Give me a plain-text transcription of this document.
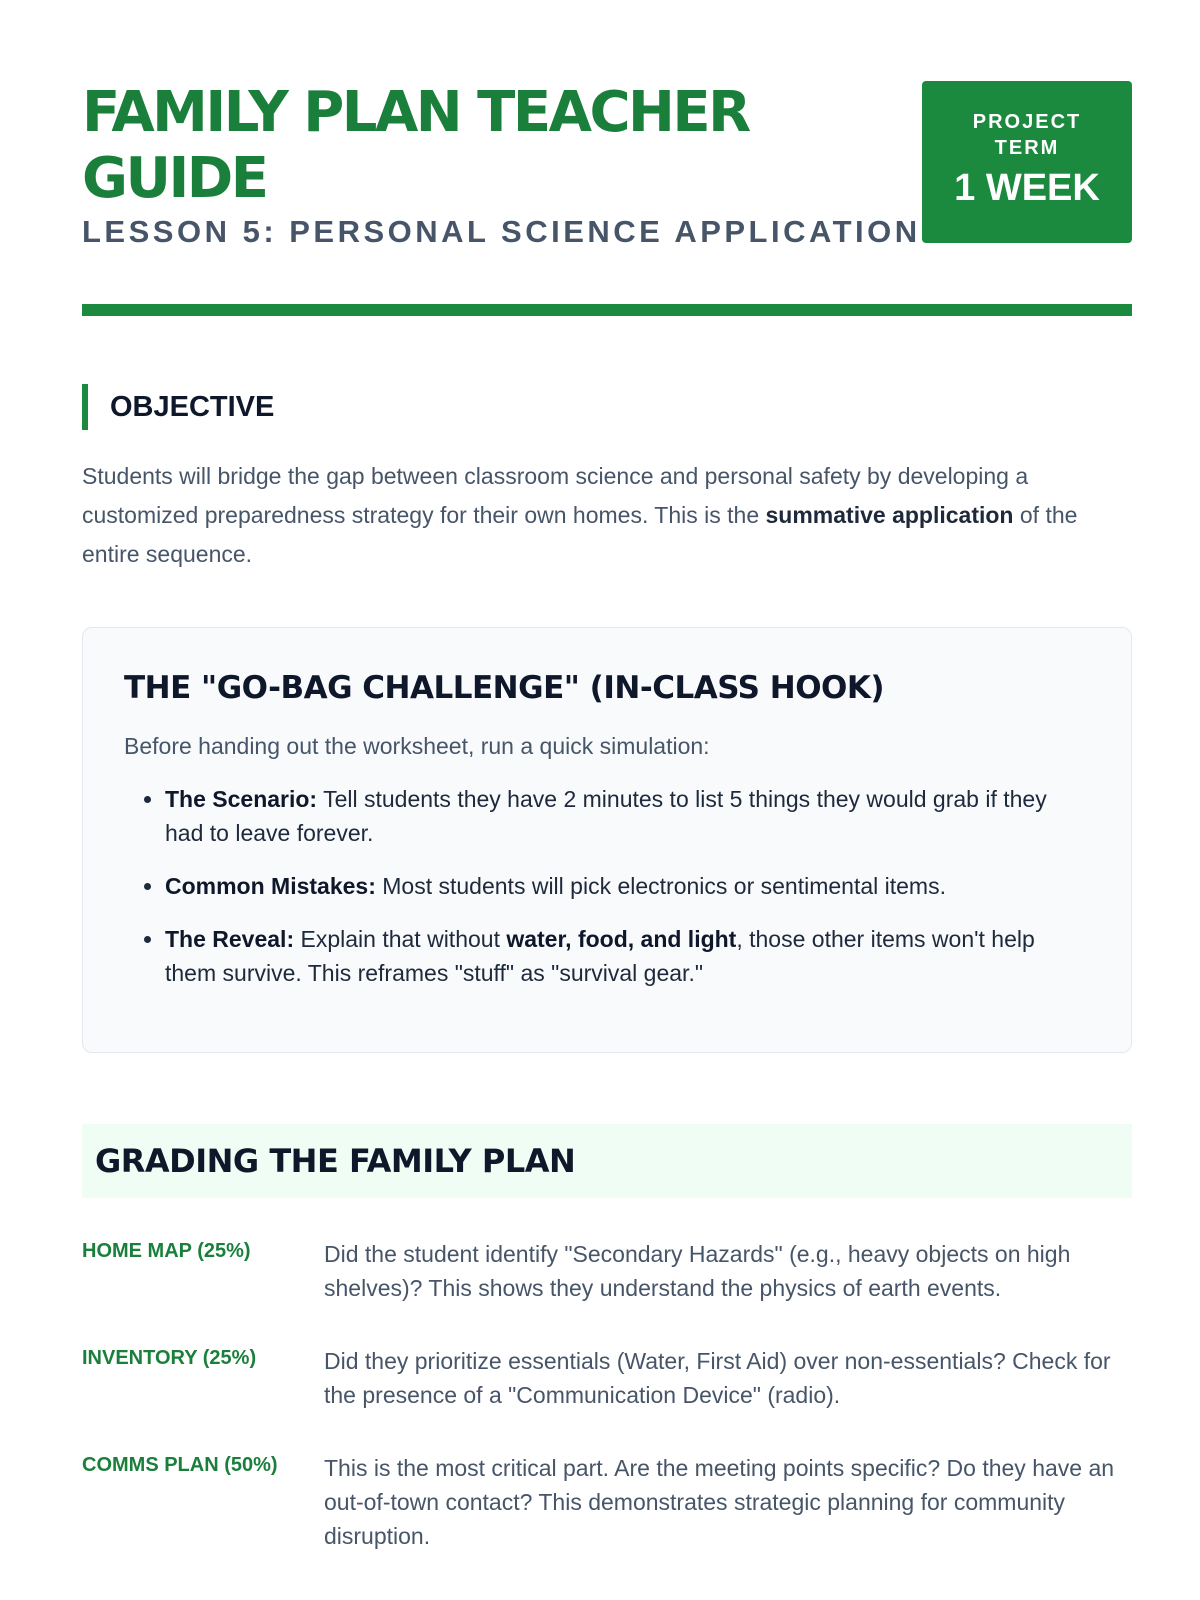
FAMILY PLAN TEACHER GUIDE
LESSON 5: PERSONAL SCIENCE APPLICATION
PROJECT TERM
1 WEEK
OBJECTIVE

Students will bridge the gap between classroom science and personal safety by developing a customized preparedness strategy for their own homes. This is the summative application of the entire sequence.

THE "GO-BAG CHALLENGE" (IN-CLASS HOOK)

Before handing out the worksheet, run a quick simulation:

• The Scenario: Tell students they have 2 minutes to list 5 things they would grab if they had to leave forever.
• Common Mistakes: Most students will pick electronics or sentimental items.
• The Reveal: Explain that without water, food, and light, those other items won't help them survive. This reframes "stuff" as "survival gear."
GRADING THE FAMILY PLAN
HOME MAP (25%)	Did the student identify "Secondary Hazards" (e.g., heavy objects on high shelves)? This shows they understand the physics of earth events.
INVENTORY (25%)	Did they prioritize essentials (Water, First Aid) over non-essentials? Check for the presence of a "Communication Device" (radio).
COMMS PLAN (50%)	This is the most critical part. Are the meeting points specific? Do they have an out-of-town contact? This demonstrates strategic planning for community disruption.
